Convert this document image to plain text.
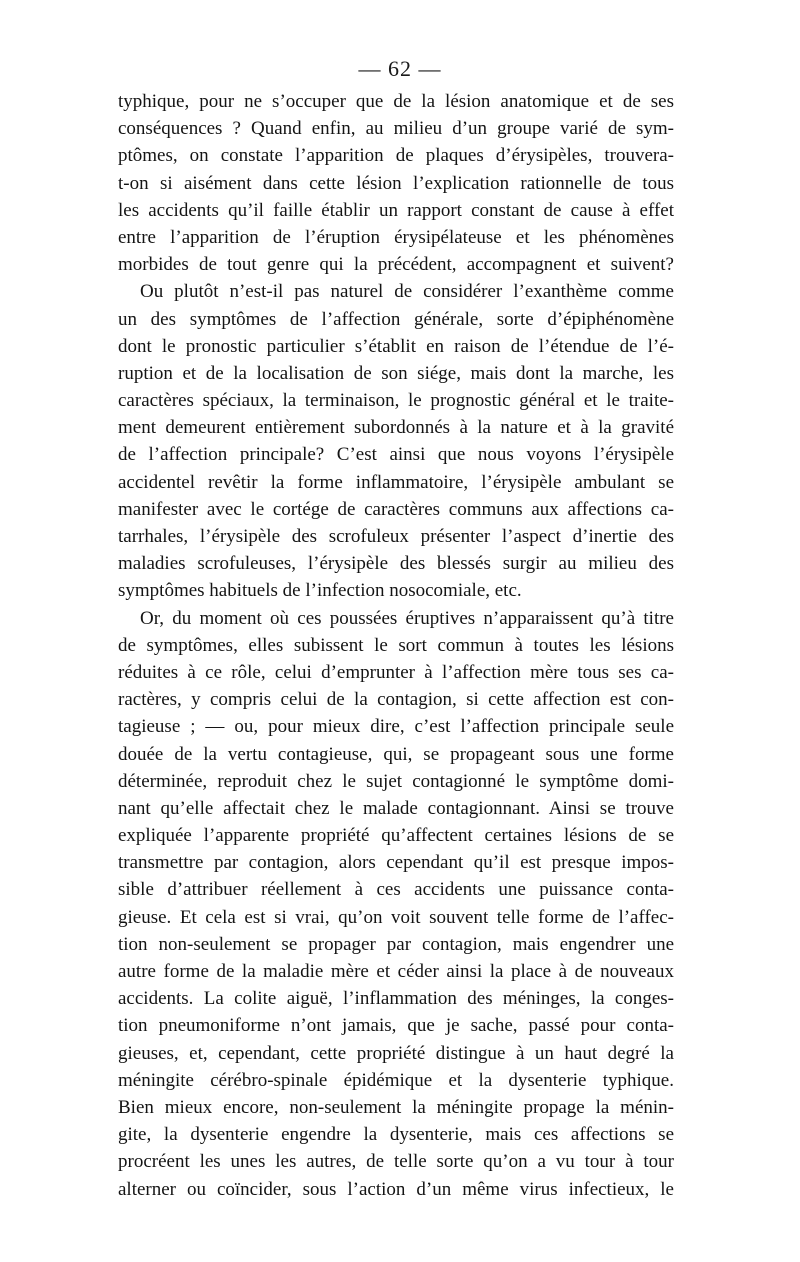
— 62 —
typhique, pour ne s’occuper que de la lésion anatomique et de ses
conséquences ? Quand enfin, au milieu d’un groupe varié de sym-
ptômes, on constate l’apparition de plaques d’érysipèles, trouvera-
t-on si aisément dans cette lésion l’explication rationnelle de tous
les accidents qu’il faille établir un rapport constant de cause à effet
entre l’apparition de l’éruption érysipélateuse et les phénomènes
morbides de tout genre qui la précédent, accompagnent et suivent?
Ou plutôt n’est-il pas naturel de considérer l’exanthème comme
un des symptômes de l’affection générale, sorte d’épiphénomène
dont le pronostic particulier s’établit en raison de l’étendue de l’é-
ruption et de la localisation de son siége, mais dont la marche, les
caractères spéciaux, la terminaison, le prognostic général et le traite-
ment demeurent entièrement subordonnés à la nature et à la gravité
de l’affection principale? C’est ainsi que nous voyons l’érysipèle
accidentel revêtir la forme inflammatoire, l’érysipèle ambulant se
manifester avec le cortége de caractères communs aux affections ca-
tarrhales, l’érysipèle des scrofuleux présenter l’aspect d’inertie des
maladies scrofuleuses, l’érysipèle des blessés surgir au milieu des
symptômes habituels de l’infection nosocomiale, etc.
Or, du moment où ces poussées éruptives n’apparaissent qu’à titre
de symptômes, elles subissent le sort commun à toutes les lésions
réduites à ce rôle, celui d’emprunter à l’affection mère tous ses ca-
ractères, y compris celui de la contagion, si cette affection est con-
tagieuse ; — ou, pour mieux dire, c’est l’affection principale seule
douée de la vertu contagieuse, qui, se propageant sous une forme
déterminée, reproduit chez le sujet contagionné le symptôme domi-
nant qu’elle affectait chez le malade contagionnant. Ainsi se trouve
expliquée l’apparente propriété qu’affectent certaines lésions de se
transmettre par contagion, alors cependant qu’il est presque impos-
sible d’attribuer réellement à ces accidents une puissance conta-
gieuse. Et cela est si vrai, qu’on voit souvent telle forme de l’affec-
tion non-seulement se propager par contagion, mais engendrer une
autre forme de la maladie mère et céder ainsi la place à de nouveaux
accidents. La colite aiguë, l’inflammation des méninges, la conges-
tion pneumoniforme n’ont jamais, que je sache, passé pour conta-
gieuses, et, cependant, cette propriété distingue à un haut degré la
méningite cérébro-spinale épidémique et la dysenterie typhique.
Bien mieux encore, non-seulement la méningite propage la ménin-
gite, la dysenterie engendre la dysenterie, mais ces affections se
procréent les unes les autres, de telle sorte qu’on a vu tour à tour
alterner ou coïncider, sous l’action d’un même virus infectieux, le
